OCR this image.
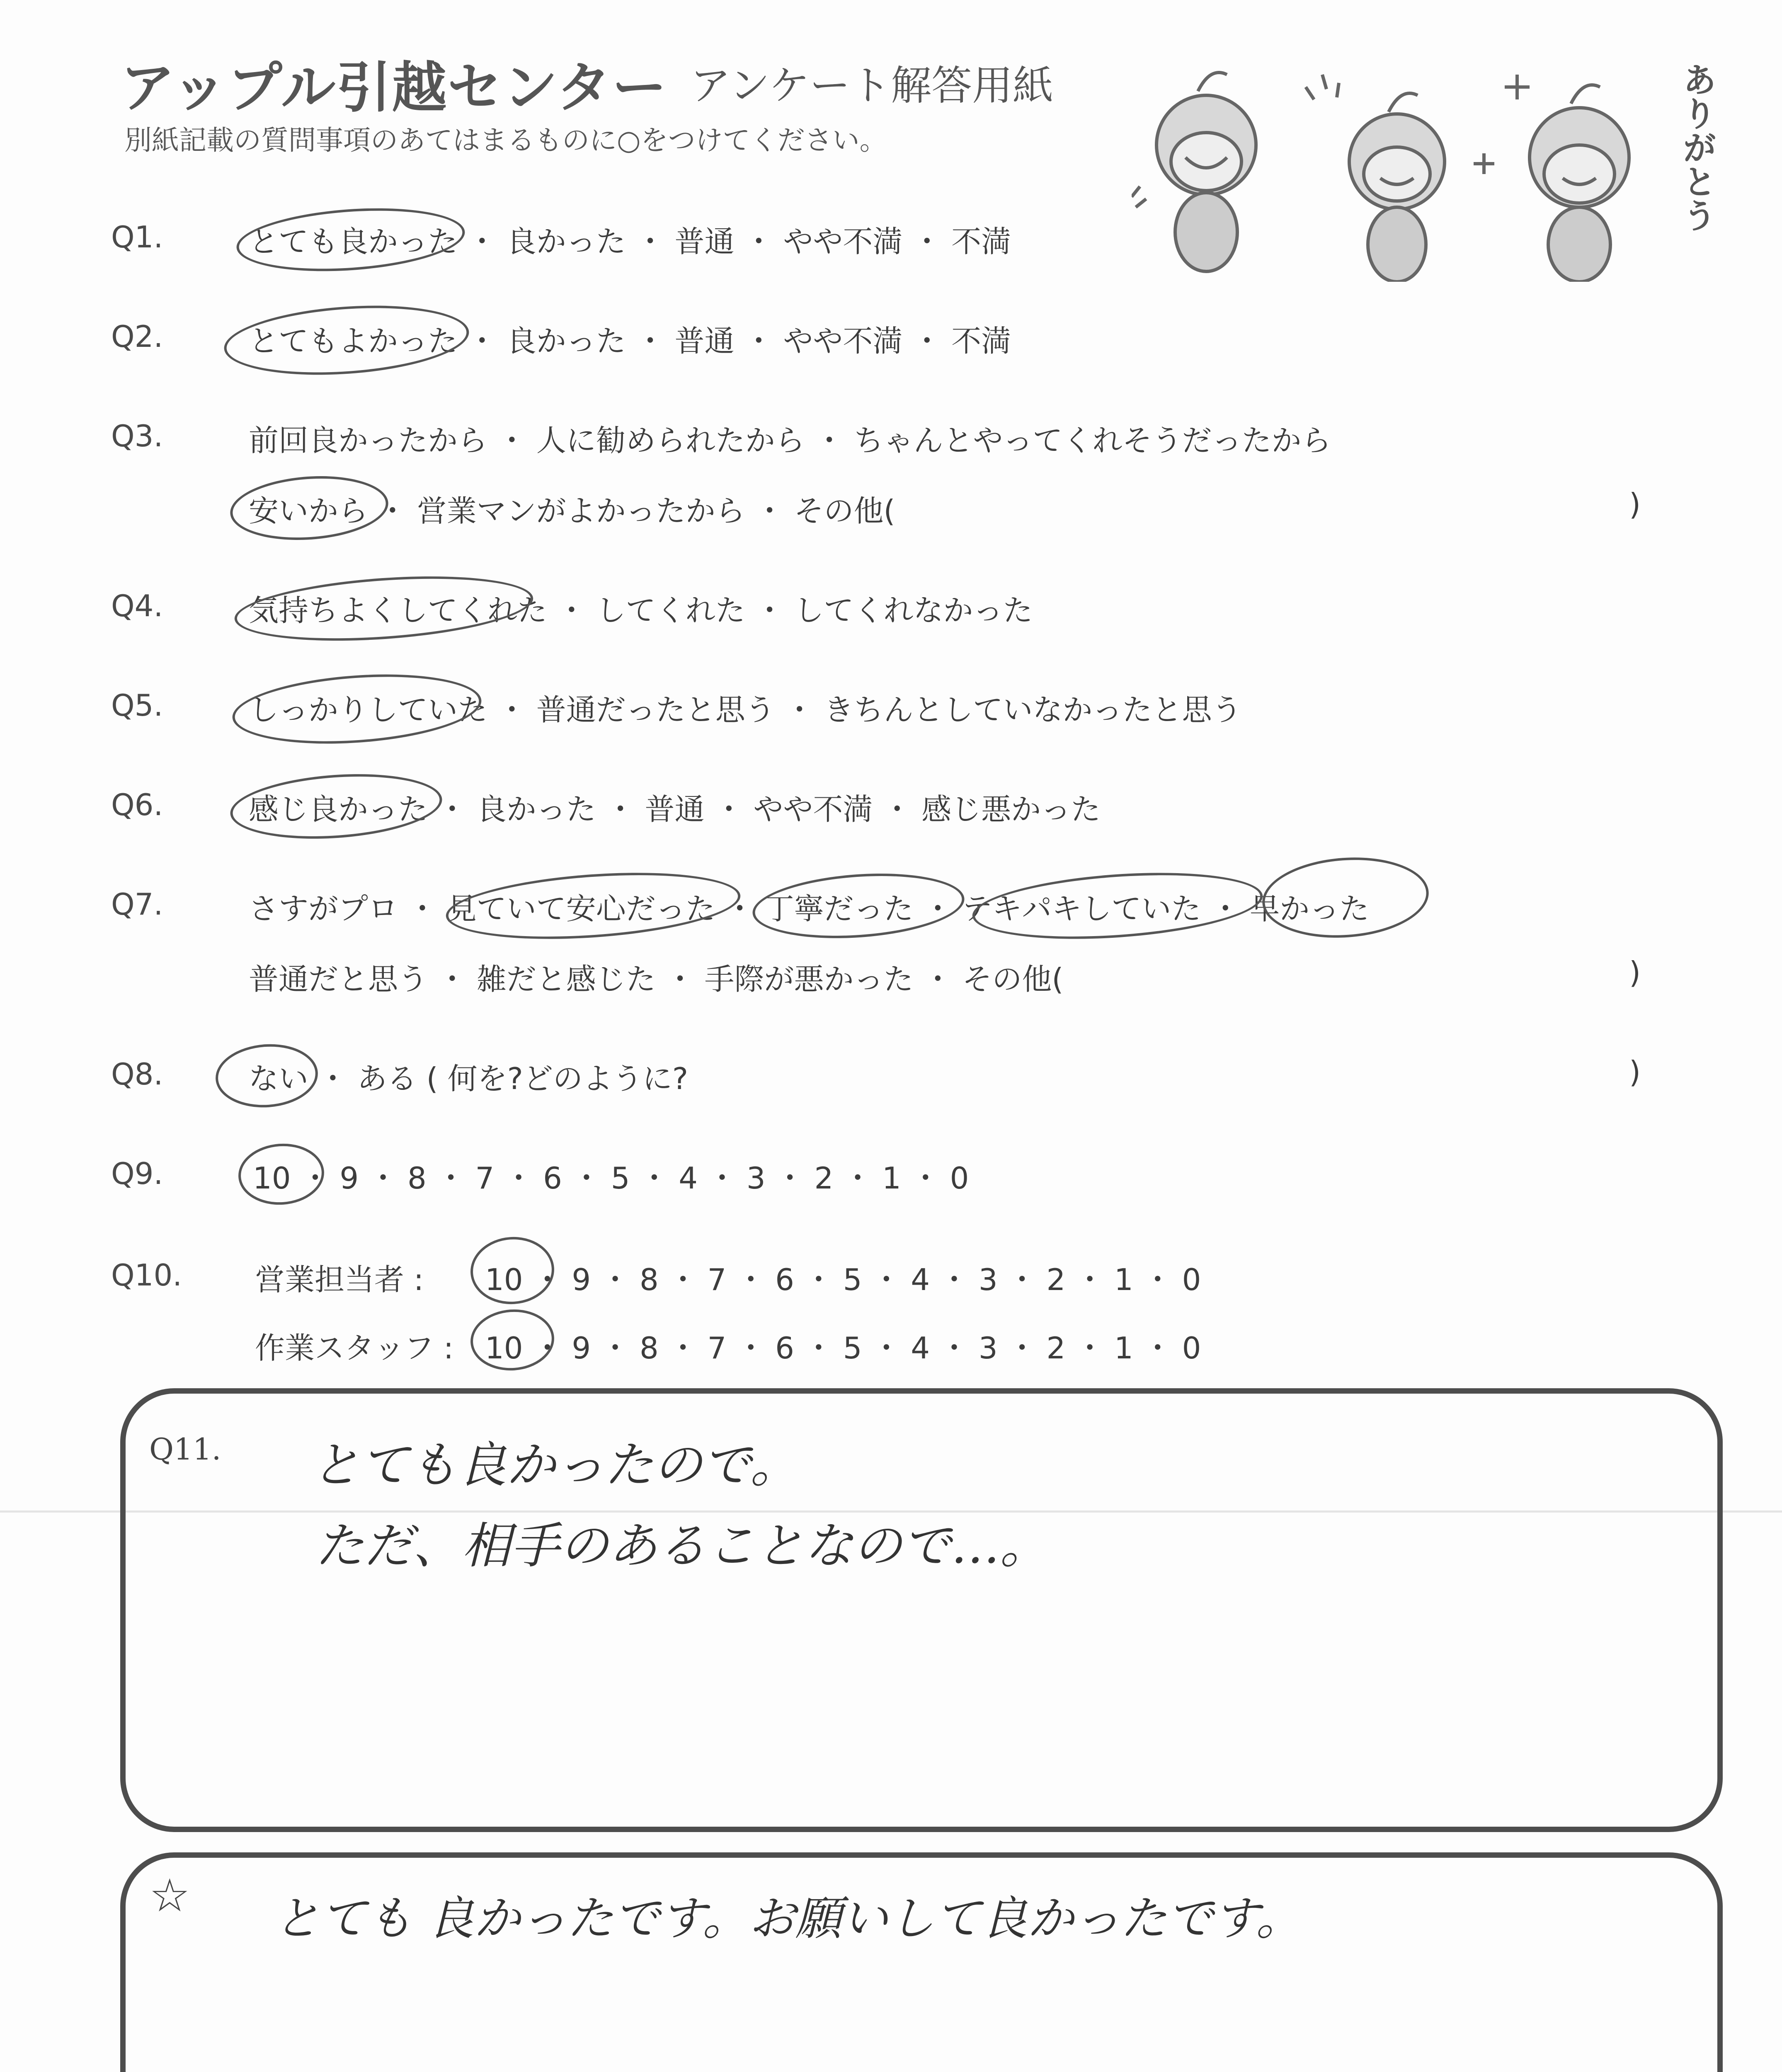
アップル引越センター アンケート解答用紙
別紙記載の質問事項のあてはまるものに○をつけてください。	ありがとう
Q1.	とても良かった ・ 良かった ・ 普通 ・ やや不満 ・ 不満
Q2.	とてもよかった ・ 良かった ・ 普通 ・ やや不満 ・ 不満
Q3.	前回良かったから ・ 人に勧められたから ・ ちゃんとやってくれそうだったから
安いから ・ 営業マンがよかったから ・ その他(	)
Q4.	気持ちよくしてくれた ・ してくれた ・ してくれなかった
Q5.	しっかりしていた ・ 普通だったと思う ・ きちんとしていなかったと思う
Q6.	感じ良かった ・ 良かった ・ 普通 ・ やや不満 ・ 感じ悪かった
Q7.	さすがプロ ・ 見ていて安心だった ・ 丁寧だった ・ テキパキしていた ・ 早かった
普通だと思う ・ 雑だと感じた ・ 手際が悪かった ・ その他(	)
Q8.	ない ・ ある ( 何を?どのように?	)
Q9.	10 ・ 9 ・ 8 ・ 7 ・ 6 ・ 5 ・ 4 ・ 3 ・ 2 ・ 1 ・ 0
Q10. 営業担当者 : 10 ・ 9 ・ 8 ・ 7 ・ 6 ・ 5 ・ 4 ・ 3 ・ 2 ・ 1 ・ 0
作業スタッフ : 10 ・ 9 ・ 8 ・ 7 ・ 6 ・ 5 ・ 4 ・ 3 ・ 2 ・ 1 ・ 0
Q11. とても良かったので。
ただ、相手のあることなので…。
☆ とても 良かったです。お願いして良かったです。
